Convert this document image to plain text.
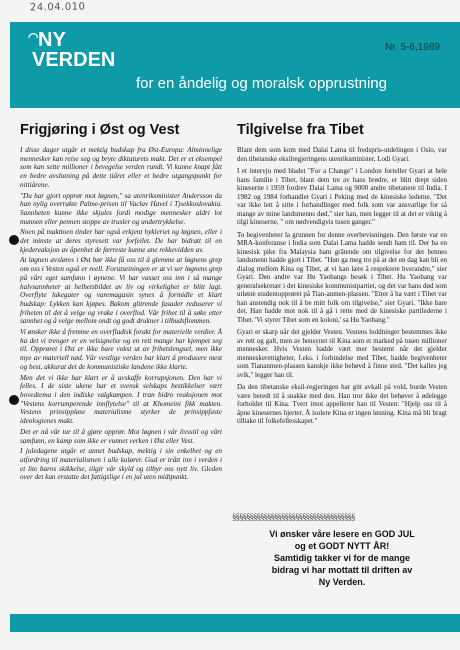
24.04.010
◠ NY
VERDEN
Nr. 5-6,1989
for en åndelig og moralsk opprustning
Frigjøring i Øst og Vest

I disse dager utgår et mektig budskap fra Øst-Europa: Alminnelige mennesker kan reise seg og bryte diktaturets makt. Det er et eksempel som kan sette millioner i bevegelse verden rundt. Vi kunne knapt fått en bedre avslutning på dette tiåret eller et bedre utgangspunkt for nittiårene.

"Du har gjort opprør mot løgnen," sa utenriksminister Andersson da han nylig overrakte Palme-prisen til Vaclav Havel i Tjsekkoslovakia. Sannheten kunne ikke skjules fordi modige mennesker aldri lot munnen eller pennen stoppe av trusler og undertrykkelse.

Noen på makttoen tinder har også erkjent hykleriet og løgnen, eller i det minste at deres styresett var forfeilet. De har bidratt til en kjedereaksjon av åpenhet de færreste kunne ane rekkevidden av.

At løgnen avsløres i Øst bør ikke få oss til å glemme at løgnens grep om oss i Vesten også er reell. Forutsetningen er at vi ser løgnens grep på vårt eget samfunn i øynene. Vi har vasset oss inn i så mange halvsannheter at helhetsbildet av liv og virkelighet er blitt lagt. Overflyte lukegater og varemagasin synes å formidle et klart budskap: Lykken kan kjøpes. Bakom glitrende fasader reduserer vi friheten til det å velge og vrake i overflod. Vår frihet til å søke etter sannhet og å velge mellom ondt og godt drukner i tilbudsflommen.

Vi ønsker ikke å fremme en overfladisk forakt for materielle verdier. Å ha det vi trenger er en velsignelse og en rett mange har kjempet seg til. Opprøret i Øst er ikke bare vokst ut av frihetslengsel, men ikke mye av materiell nød. Vår vestlige verden har klart å produsere mest og best, akkurat det de kommunistiske landene ikke klarte.

Men det vi ikke har klart er å avskaffe korrupsjonen. Den har vi felles. I de siste ukene har et svensk selskaps bestikkelser vært hovedtema i den indiske valgkampen. I tran bidro reaksjonen mot "Vestens korrumperende innflytelse" til at Khomeini fikk makten. Vestens prinsippløse materialisme styrker de prinsippfaste ideologienes makt.

Det er nå vår tur til å gjøre opprør. Mot løgnen i vår livsstil og vårt samfunn, en kamp som ikke er vunnet verken i Øst eller Vest.

I juledagene utgår et annet budskap, mektig i sin enkelhet og en utfordring til materialismen i alle kulører. Gud er trått inn i verden i et lite barns skikkelse, tilgir vår skyld og tilbyr oss nytt liv. Gleden over det kan erstatte det fattigslige i en jul uten midtpunkt.

Tilgivelse fra Tibet

Blant dem som kom med Dalai Lama til fredspris-utdelingen i Oslo, var den tibetanske eksilregjeringens utenriksminister, Lodi Gyari.

I et intervju med bladet "For a Change" i London forteller Gyari at hele hans familie i Tibet, blant dem tre av hans brødre, er blitt drept siden kineserne i 1959 fordrev Dalai Lama og 9000 andre tibetanere til India. I 1982 og 1984 forhandlet Gyari i Peking med de kinesiske lederne. "Det var ikke lett å sitte i forhandlinger med folk som var ansvarlige for så mange av mine landsmenns død," sier han, men legger til at det er viktig å tilgi kineserne, " om nødvendigvis tusen ganger."

To begivenheter la grunnen for denne overbevisningen. Den første var en MRA-konferanse i India som Dalai Lama hadde sendt ham til. Der ba en kinesisk pike fra Malaysia ham grātende om tilgivelse for det hennes landsmenn hadde gjort i Tibet. "Hun ga meg tro på at det en dag kan bli en dialog mellom Kina og Tibet, at vi kan lære å respektere hverandre," sier Gyari. Den andre var Hu Yaobangs besøk i Tibet. Hu Yaobang var generalsekretær i det kinesiske kommunistpartiet, og det var hans død som utløste studentopprøret på Tian-anmen-plassen. "Etter å ha vært i Tibet var han anstendig nok til å be mitt folk om tilgivelse," sier Gyari. "Ikke bare det. Han hadde mot nok til å gå i rette med de kinesiske partilederne i Tibet. 'Vi styrer Tibet som en koloni,' sa Hu Yaobang."

Gyari er skarp når det gjelder Vesten. Vestens holdninger bestemmes ikke av rett og galt, men av hensynet til Kina som et marked på tusen millioner mennesker. Hvis Vesten hadde vært mer bestemt når det gjelder menneskerettigheter, f.eks. i forbindelse med Tibet, hadde begivenheter som Tiananmen-plassen kanskje ikke behøvd å finne sted. "Det kalles jeg svik," legger han til.

Da den tibetanske eksil-regjeringen har gitt avkall på vold, burde Vesten være beredt til å snakke med den. Han tror ikke det behøver å ødelegge forholdet til Kina. Tvert imot appellerer han til Vesten: "Hjelp oss til å åpne kinesernes hjerter. Å isolere Kina er ingen løsning. Kina må bli bragt tilbake til folkefellesskapet."

§§§§§§§§§§§§§§§§§§§§§§§§§§§§§§§§§§§

Vi ønsker våre lesere en GOD JUL

og et GODT NYTT ÅR!

Samtidig takker vi for de mange

bidrag vi har mottatt til driften av

Ny Verden.
